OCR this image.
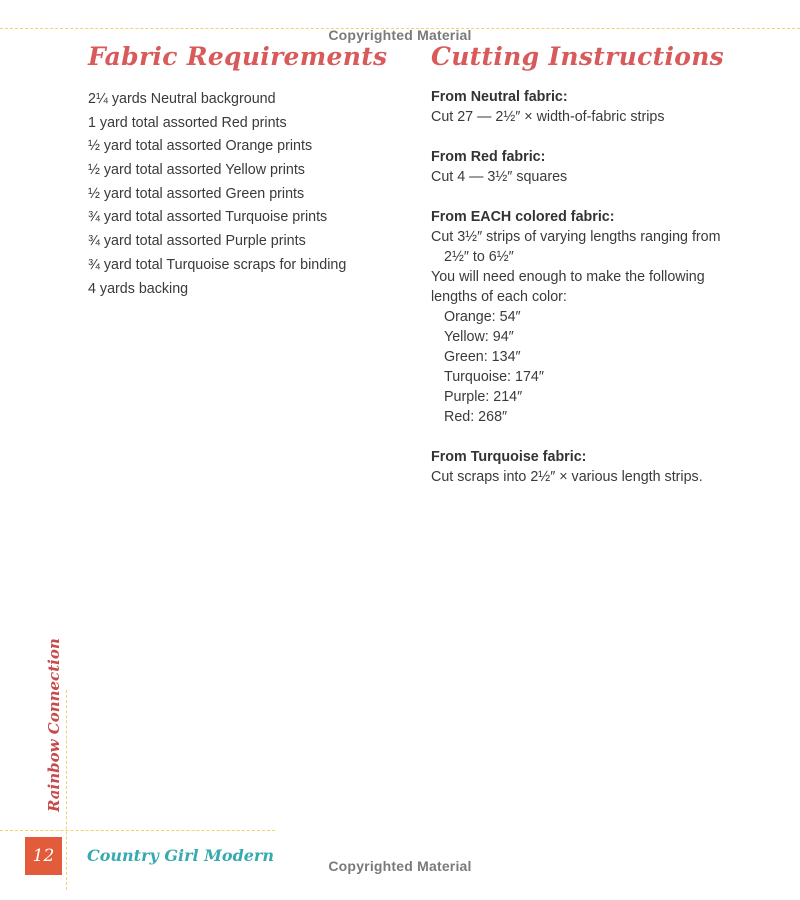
Copyrighted Material
Fabric Requirements
2¼ yards Neutral background
1 yard total assorted Red prints
½ yard total assorted Orange prints
½ yard total assorted Yellow prints
½ yard total assorted Green prints
¾ yard total assorted Turquoise prints
¾ yard total assorted Purple prints
¾ yard total Turquoise scraps for binding
4 yards backing
Cutting Instructions
From Neutral fabric:
Cut 27 — 2½″ × width-of-fabric strips
From Red fabric:
Cut 4 — 3½″ squares
From EACH colored fabric:
Cut 3½″ strips of varying lengths ranging from
2½″ to 6½″
You will need enough to make the following
lengths of each color:
Orange: 54″
Yellow: 94″
Green: 134″
Turquoise: 174″
Purple: 214″
Red: 268″
From Turquoise fabric:
Cut scraps into 2½″ × various length strips.
Rainbow Connection
12 Country Girl Modern
Copyrighted Material
